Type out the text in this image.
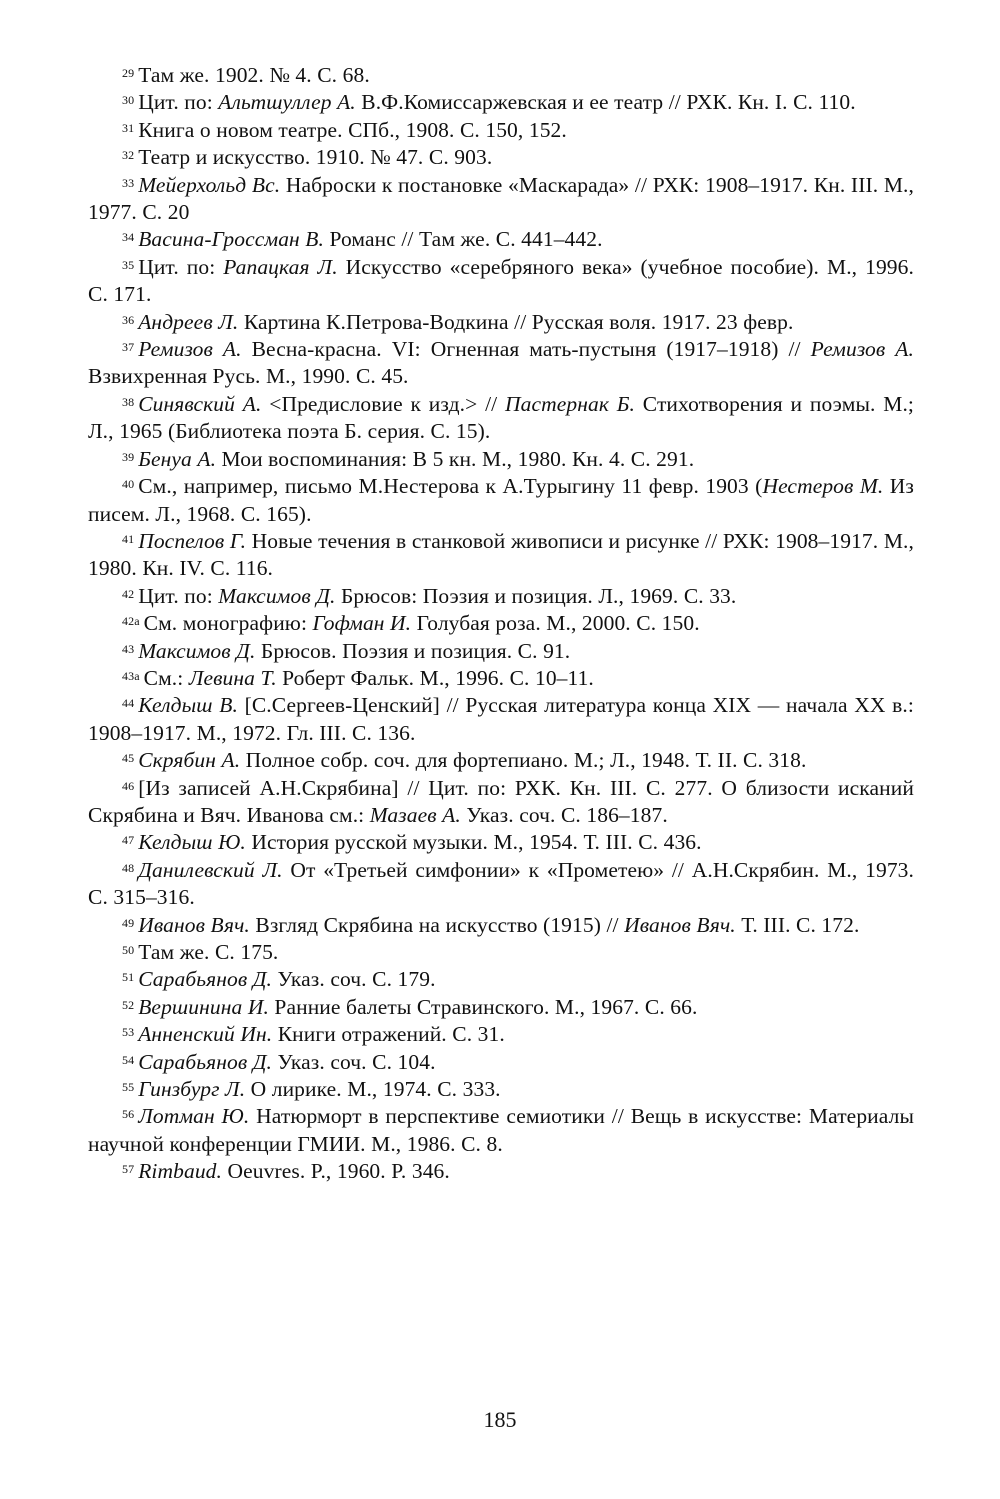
$^{29}$ Там же. 1902. № 4. С. 68.

$^{30}$ Цит. по: Альтшуллер А. В.Ф.Комиссаржевская и ее театр // РХК. Кн. I. С. 110.

$^{31}$ Книга о новом театре. СПб., 1908. С. 150, 152.

$^{32}$ Театр и искусство. 1910. № 47. С. 903.

$^{33}$ Мейерхольд Вс. Наброски к постановке «Маскарада» // РХК: 1908–1917. Кн. III. М., 1977. С. 20

$^{34}$ Васина-Гроссман В. Романс // Там же. С. 441–442.

$^{35}$ Цит. по: Рапацкая Л. Искусство «серебряного века» (учебное пособие). М., 1996. С. 171.

$^{36}$ Андреев Л. Картина К.Петрова-Водкина // Русская воля. 1917. 23 февр.

$^{37}$ Ремизов А. Весна-красна. VI: Огненная мать-пустыня (1917–1918) // Ремизов А. Взвихренная Русь. М., 1990. С. 45.

$^{38}$ Синявский А. <Предисловие к изд.> // Пастернак Б. Стихотворения и поэмы. М.; Л., 1965 (Библиотека поэта Б. серия. С. 15).

$^{39}$ Бенуа А. Мои воспоминания: В 5 кн. М., 1980. Кн. 4. С. 291.

$^{40}$ См., например, письмо М.Нестерова к А.Турыгину 11 февр. 1903 (Нестеров М. Из писем. Л., 1968. С. 165).

$^{41}$ Поспелов Г. Новые течения в станковой живописи и рисунке // РХК: 1908–1917. М., 1980. Кн. IV. С. 116.

$^{42}$ Цит. по: Максимов Д. Брюсов: Поэзия и позиция. Л., 1969. С. 33.

$^{42а}$ См. монографию: Гофман И. Голубая роза. М., 2000. С. 150.

$^{43}$ Максимов Д. Брюсов. Поэзия и позиция. С. 91.

$^{43а}$ См.: Левина Т. Роберт Фальк. М., 1996. С. 10–11.

$^{44}$ Келдыш В. [С.Сергеев-Ценский] // Русская литература конца XIX — начала XX в.: 1908–1917. М., 1972. Гл. III. С. 136.

$^{45}$ Скрябин А. Полное собр. соч. для фортепиано. М.; Л., 1948. Т. II. С. 318.

$^{46}$ [Из записей А.Н.Скрябина] // Цит. по: РХК. Кн. III. С. 277. О близости исканий Скрябина и Вяч. Иванова см.: Мазаев А. Указ. соч. С. 186–187.

$^{47}$ Келдыш Ю. История русской музыки. М., 1954. Т. III. С. 436.

$^{48}$ Данилевский Л. От «Третьей симфонии» к «Прометею» // А.Н.Скрябин. М., 1973. С. 315–316.

$^{49}$ Иванов Вяч. Взгляд Скрябина на искусство (1915) // Иванов Вяч. Т. III. С. 172.

$^{50}$ Там же. С. 175.

$^{51}$ Сарабьянов Д. Указ. соч. С. 179.

$^{52}$ Вершинина И. Ранние балеты Стравинского. М., 1967. С. 66.

$^{53}$ Анненский Ин. Книги отражений. С. 31.

$^{54}$ Сарабьянов Д. Указ. соч. С. 104.

$^{55}$ Гинзбург Л. О лирике. М., 1974. С. 333.

$^{56}$ Лотман Ю. Натюрморт в перспективе семиотики // Вещь в искусстве: Материалы научной конференции ГМИИ. М., 1986. С. 8.

$^{57}$ Rimbaud. Oeuvres. P., 1960. P. 346.

185
